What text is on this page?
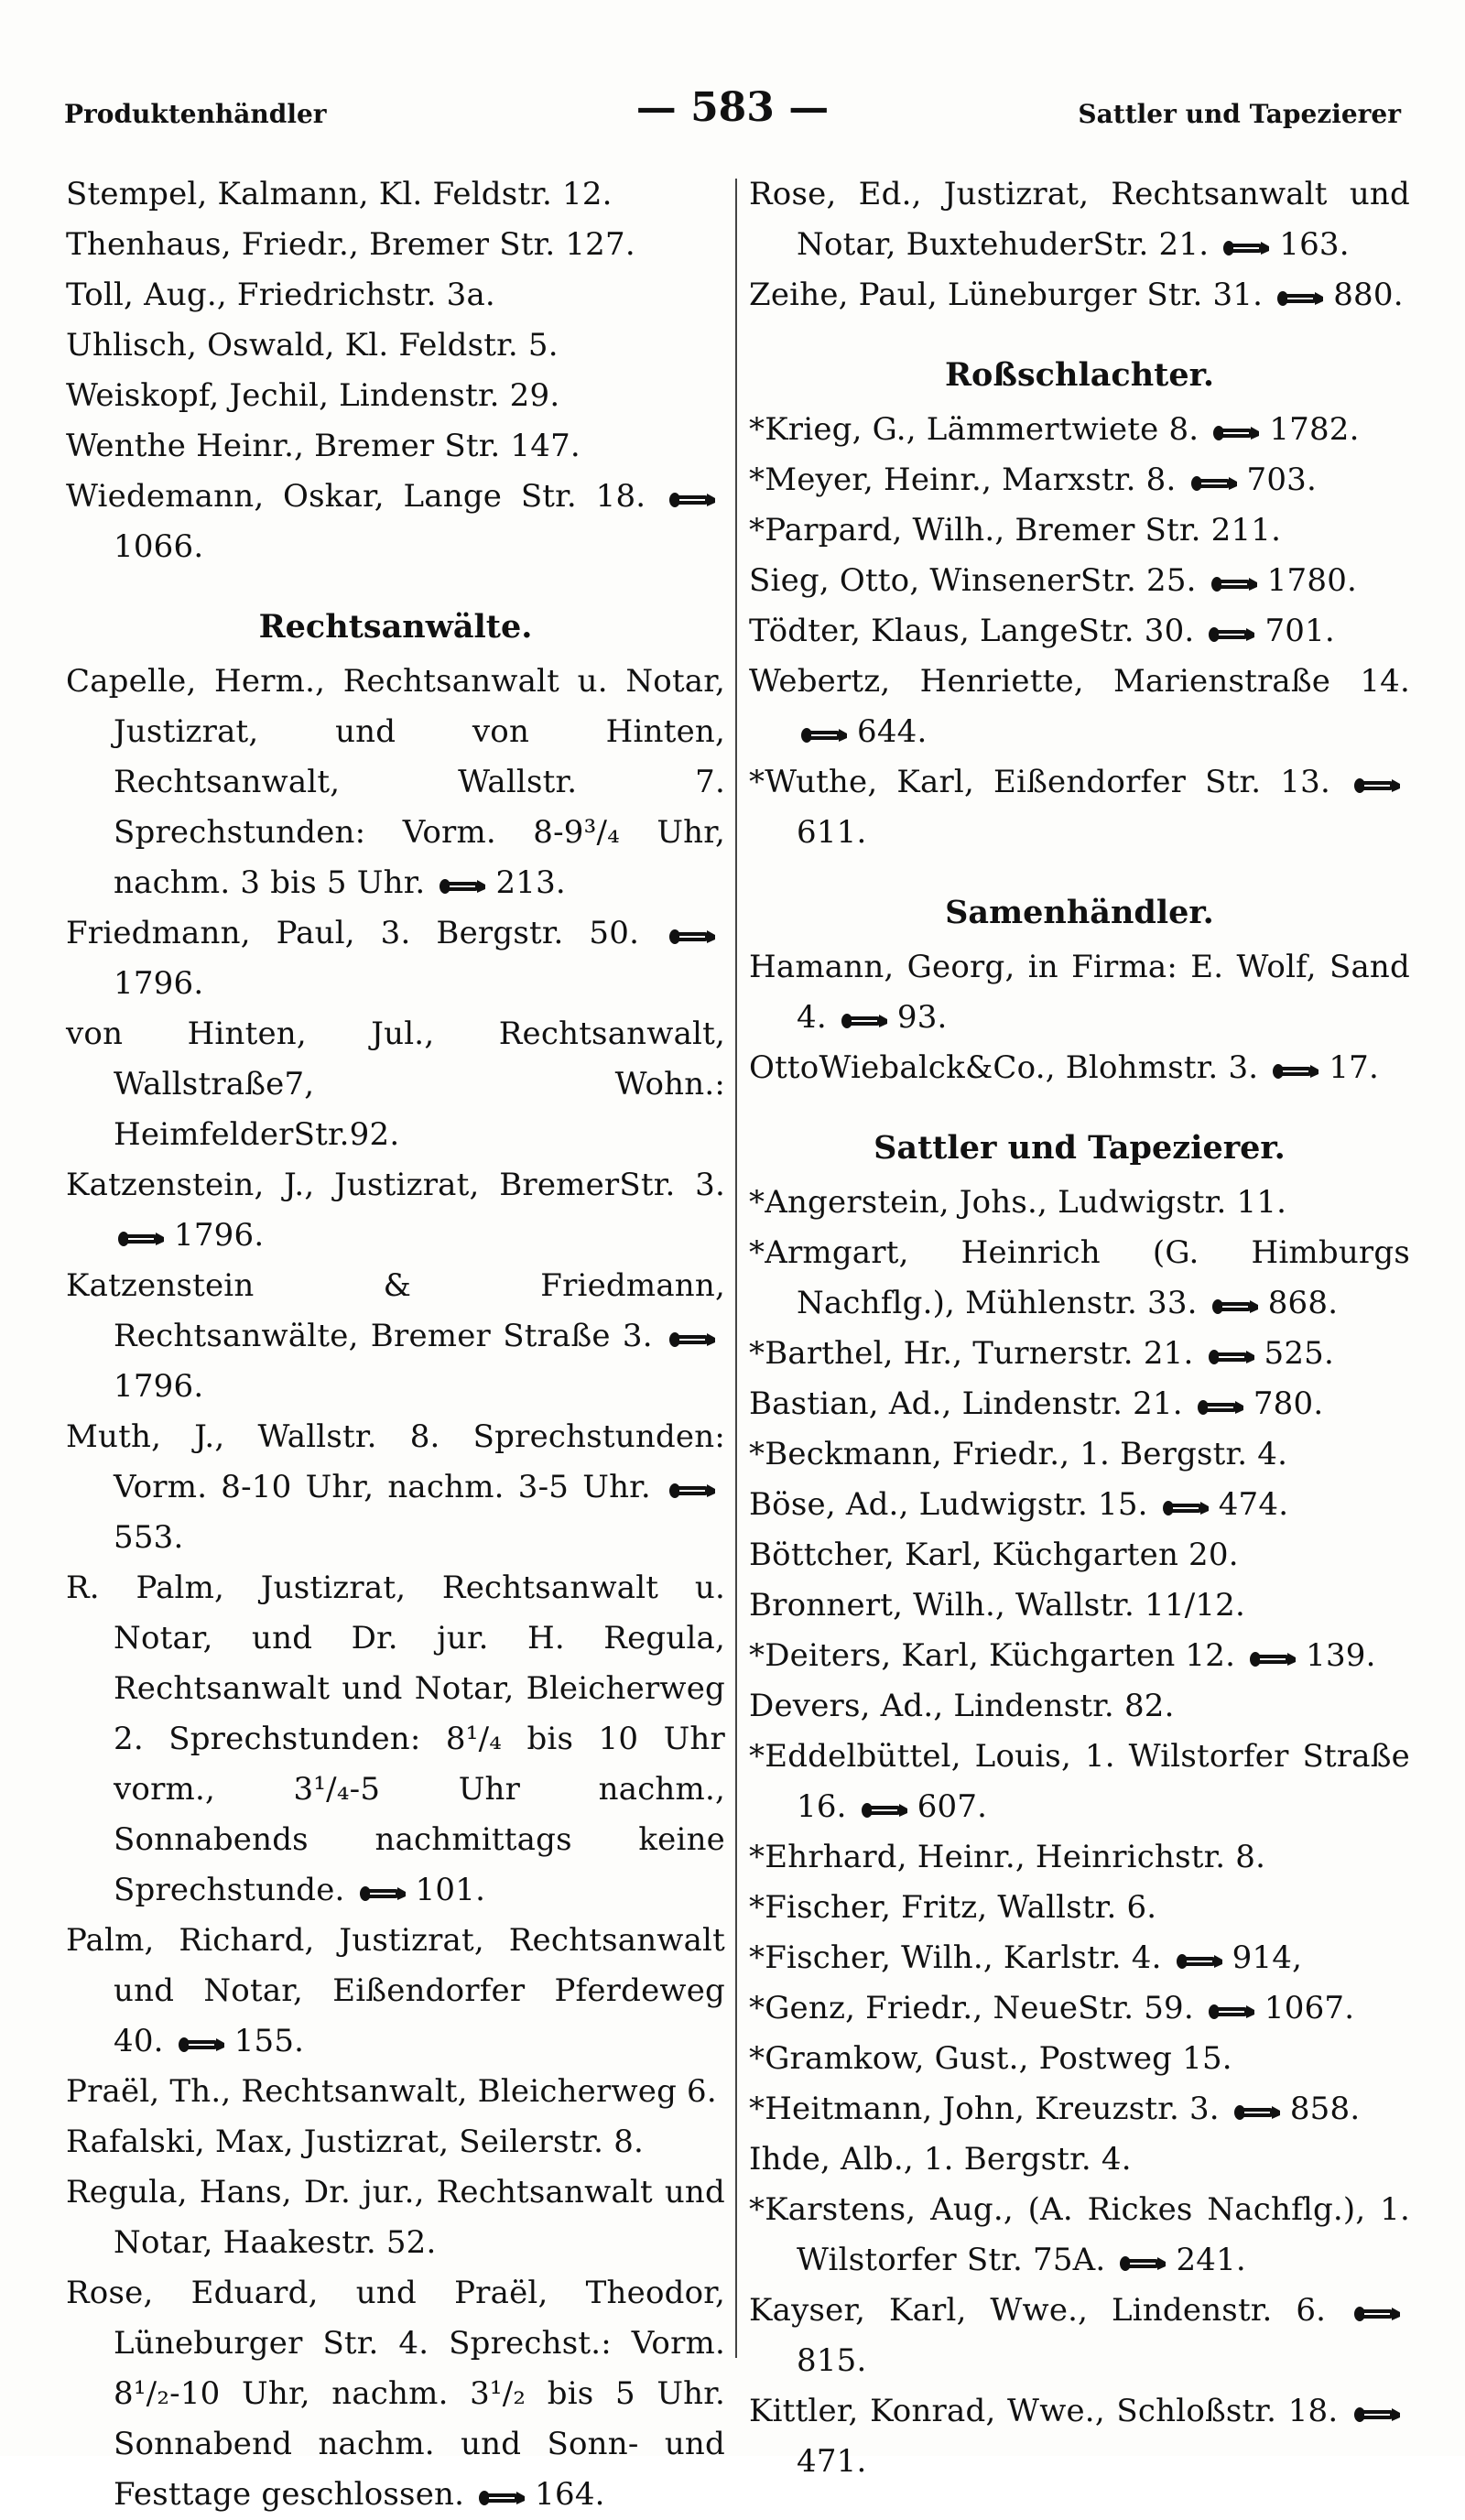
Produktenhändler	— 583 —	Sattler und Tapezierer
Stempel, Kalmann, Kl. Feldstr. 12.
Thenhaus, Friedr., Bremer Str. 127.
Toll, Aug., Friedrichstr. 3a.
Uhlisch, Oswald, Kl. Feldstr. 5.
Weiskopf, Jechil, Lindenstr. 29.
Wenthe Heinr., Bremer Str. 147.
Wiedemann, Oskar, Lange Str. 18. 1066.
Rechtsanwälte.
Capelle, Herm., Rechtsanwalt u. Notar, Justizrat, und von Hinten, Rechtsanwalt, Wallstr. 7. Sprechstunden: Vorm. 8-9³/₄ Uhr, nachm. 3 bis 5 Uhr. 213.
Friedmann, Paul, 3. Bergstr. 50. 1796.
von Hinten, Jul., Rechtsanwalt, Wallstraße7, Wohn.: HeimfelderStr.92.
Katzenstein, J., Justizrat, BremerStr. 3. 1796.
Katzenstein & Friedmann, Rechtsanwälte, Bremer Straße 3. 1796.
Muth, J., Wallstr. 8. Sprechstunden: Vorm. 8-10 Uhr, nachm. 3-5 Uhr. 553.
R. Palm, Justizrat, Rechtsanwalt u. Notar, und Dr. jur. H. Regula, Rechtsanwalt und Notar, Bleicherweg 2. Sprechstunden: 8¹/₄ bis 10 Uhr vorm., 3¹/₄-5 Uhr nachm., Sonnabends nachmittags keine Sprechstunde. 101.
Palm, Richard, Justizrat, Rechtsanwalt und Notar, Eißendorfer Pferdeweg 40. 155.
Praël, Th., Rechtsanwalt, Bleicherweg 6.
Rafalski, Max, Justizrat, Seilerstr. 8.
Regula, Hans, Dr. jur., Rechtsanwalt und Notar, Haakestr. 52.
Rose, Eduard, und Praël, Theodor, Lüneburger Str. 4. Sprechst.: Vorm. 8¹/₂-10 Uhr, nachm. 3¹/₂ bis 5 Uhr. Sonnabend nachm. und Sonn- und Festtage geschlossen. 164.
Rose, Ed., Justizrat, Rechtsanwalt und Notar, BuxtehuderStr. 21. 163.
Zeihe, Paul, Lüneburger Str. 31. 880.
Roßschlachter.
*Krieg, G., Lämmertwiete 8. 1782.
*Meyer, Heinr., Marxstr. 8. 703.
*Parpard, Wilh., Bremer Str. 211.
Sieg, Otto, WinsenerStr. 25. 1780.
Tödter, Klaus, LangeStr. 30. 701.
Webertz, Henriette, Marienstraße 14. 644.
*Wuthe, Karl, Eißendorfer Str. 13. 611.
Samenhändler.
Hamann, Georg, in Firma: E. Wolf, Sand 4. 93.
OttoWiebalck&Co., Blohmstr. 3. 17.
Sattler und Tapezierer.
*Angerstein, Johs., Ludwigstr. 11.
*Armgart, Heinrich (G. Himburgs Nachflg.), Mühlenstr. 33. 868.
*Barthel, Hr., Turnerstr. 21. 525.
Bastian, Ad., Lindenstr. 21. 780.
*Beckmann, Friedr., 1. Bergstr. 4.
Böse, Ad., Ludwigstr. 15. 474.
Böttcher, Karl, Küchgarten 20.
Bronnert, Wilh., Wallstr. 11/12.
*Deiters, Karl, Küchgarten 12. 139.
Devers, Ad., Lindenstr. 82.
*Eddelbüttel, Louis, 1. Wilstorfer Straße 16. 607.
*Ehrhard, Heinr., Heinrichstr. 8.
*Fischer, Fritz, Wallstr. 6.
*Fischer, Wilh., Karlstr. 4. 914,
*Genz, Friedr., NeueStr. 59. 1067.
*Gramkow, Gust., Postweg 15.
*Heitmann, John, Kreuzstr. 3. 858.
Ihde, Alb., 1. Bergstr. 4.
*Karstens, Aug., (A. Rickes Nachflg.), 1. Wilstorfer Str. 75A. 241.
Kayser, Karl, Wwe., Lindenstr. 6. 815.
Kittler, Konrad, Wwe., Schloßstr. 18. 471.
